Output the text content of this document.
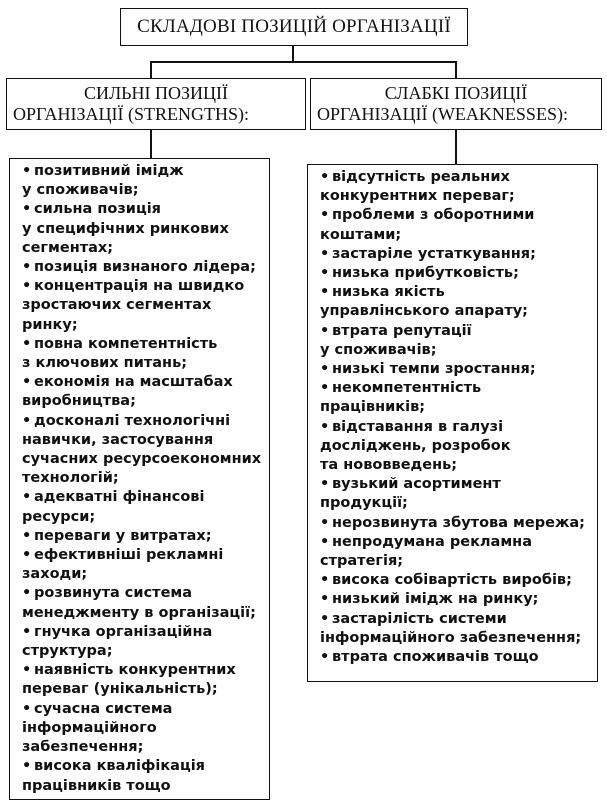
СКЛАДОВІ ПОЗИЦІЙ ОРГАНІЗАЦІЇ
СИЛЬНІ ПОЗИЦІЇ
ОРГАНІЗАЦІЇ (STRENGTHS):
СЛАБКІ ПОЗИЦІЇ
ОРГАНІЗАЦІЇ (WEAKNESSES):
• позитивний імідж
у споживачів;
• сильна позиція
у специфічних ринкових
сегментах;
• позиція визнаного лідера;
• концентрація на швидко
зростаючих сегментах
ринку;
• повна компетентність
з ключових питань;
• економія на масштабах
виробництва;
• досконалі технологічні
навички, застосування
сучасних ресурсоекономних
технологій;
• адекватні фінансові
ресурси;
• переваги у витратах;
• ефективніші рекламні
заходи;
• розвинута система
менеджменту в організації;
• гнучка організаційна
структура;
• наявність конкурентних
переваг (унікальність);
• сучасна система
інформаційного
забезпечення;
• висока кваліфікація
працівників тощо
• відсутність реальних
конкурентних переваг;
• проблеми з оборотними
коштами;
• застаріле устаткування;
• низька прибутковість;
• низька якість
управлінського апарату;
• втрата репутації
у споживачів;
• низькі темпи зростання;
• некомпетентність
працівників;
• відставання в галузі
досліджень, розробок
та нововведень;
• вузький асортимент
продукції;
• нерозвинута збутова мережа;
• непродумана рекламна
стратегія;
• висока собівартість виробів;
• низький імідж на ринку;
• застарілість системи
інформаційного забезпечення;
• втрата споживачів тощо
